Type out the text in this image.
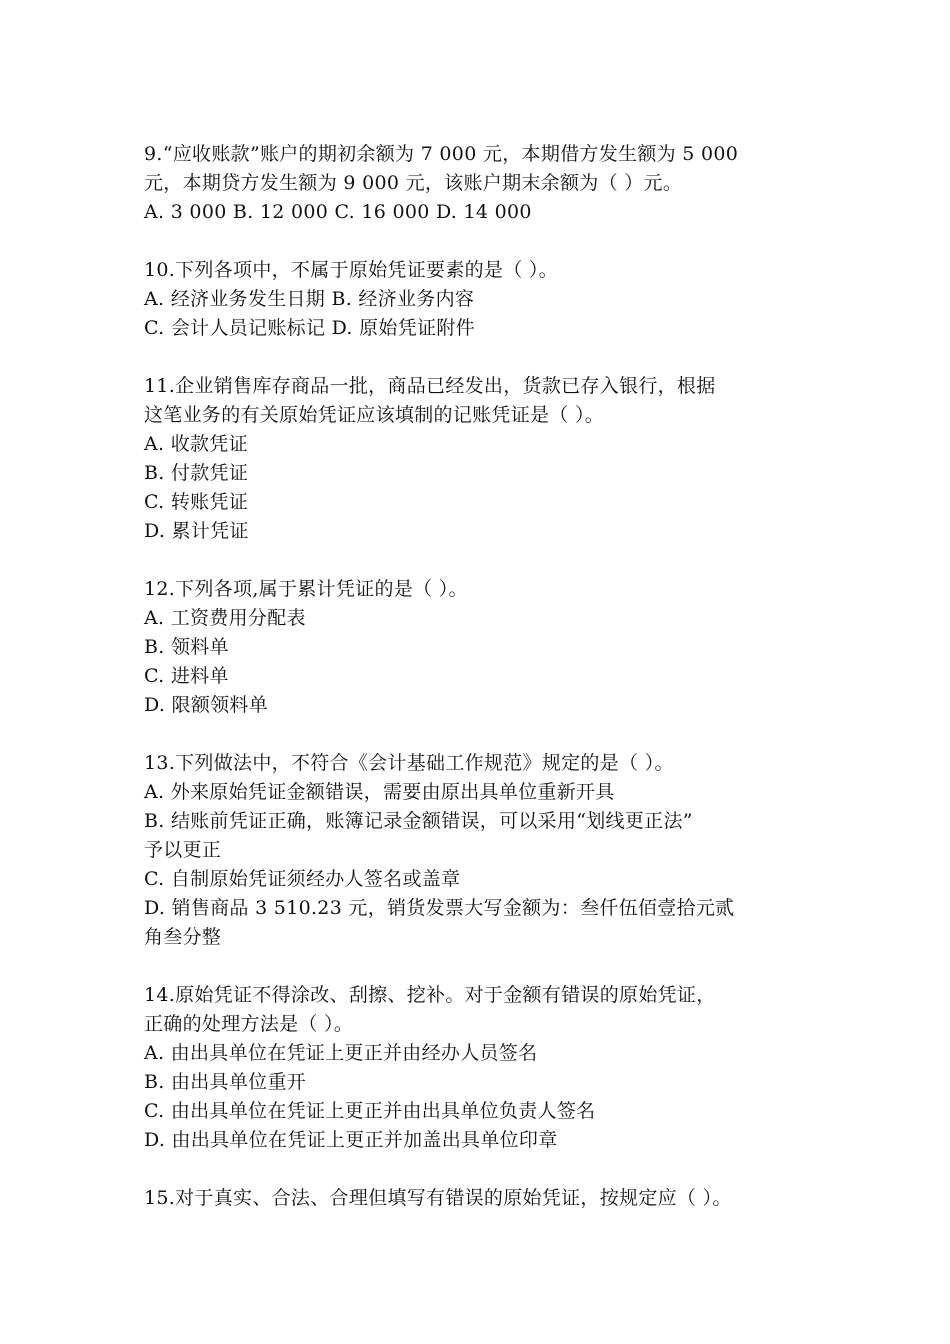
9.“应收账款”账户的期初余额为 7 000 元，本期借方发生额为 5 000
元，本期贷方发生额为 9 000 元，该账户期末余额为（ ）元。
A. 3 000 B. 12 000 C. 16 000 D. 14 000
10.下列各项中，不属于原始凭证要素的是（ ）。
A. 经济业务发生日期 B. 经济业务内容
C. 会计人员记账标记 D. 原始凭证附件
11.企业销售库存商品一批，商品已经发出，货款已存入银行，根据
这笔业务的有关原始凭证应该填制的记账凭证是（ ）。
A. 收款凭证
B. 付款凭证
C. 转账凭证
D. 累计凭证
12.下列各项,属于累计凭证的是（ ）。
A. 工资费用分配表
B. 领料单
C. 进料单
D. 限额领料单
13.下列做法中，不符合《会计基础工作规范》规定的是（ ）。
A. 外来原始凭证金额错误，需要由原出具单位重新开具
B. 结账前凭证正确，账簿记录金额错误，可以采用“划线更正法”
予以更正
C. 自制原始凭证须经办人签名或盖章
D. 销售商品 3 510.23 元，销货发票大写金额为：叁仟伍佰壹拾元贰
角叁分整
14.原始凭证不得涂改、刮擦、挖补。对于金额有错误的原始凭证，
正确的处理方法是（ ）。
A. 由出具单位在凭证上更正并由经办人员签名
B. 由出具单位重开
C. 由出具单位在凭证上更正并由出具单位负责人签名
D. 由出具单位在凭证上更正并加盖出具单位印章
15.对于真实、合法、合理但填写有错误的原始凭证，按规定应（ ）。
